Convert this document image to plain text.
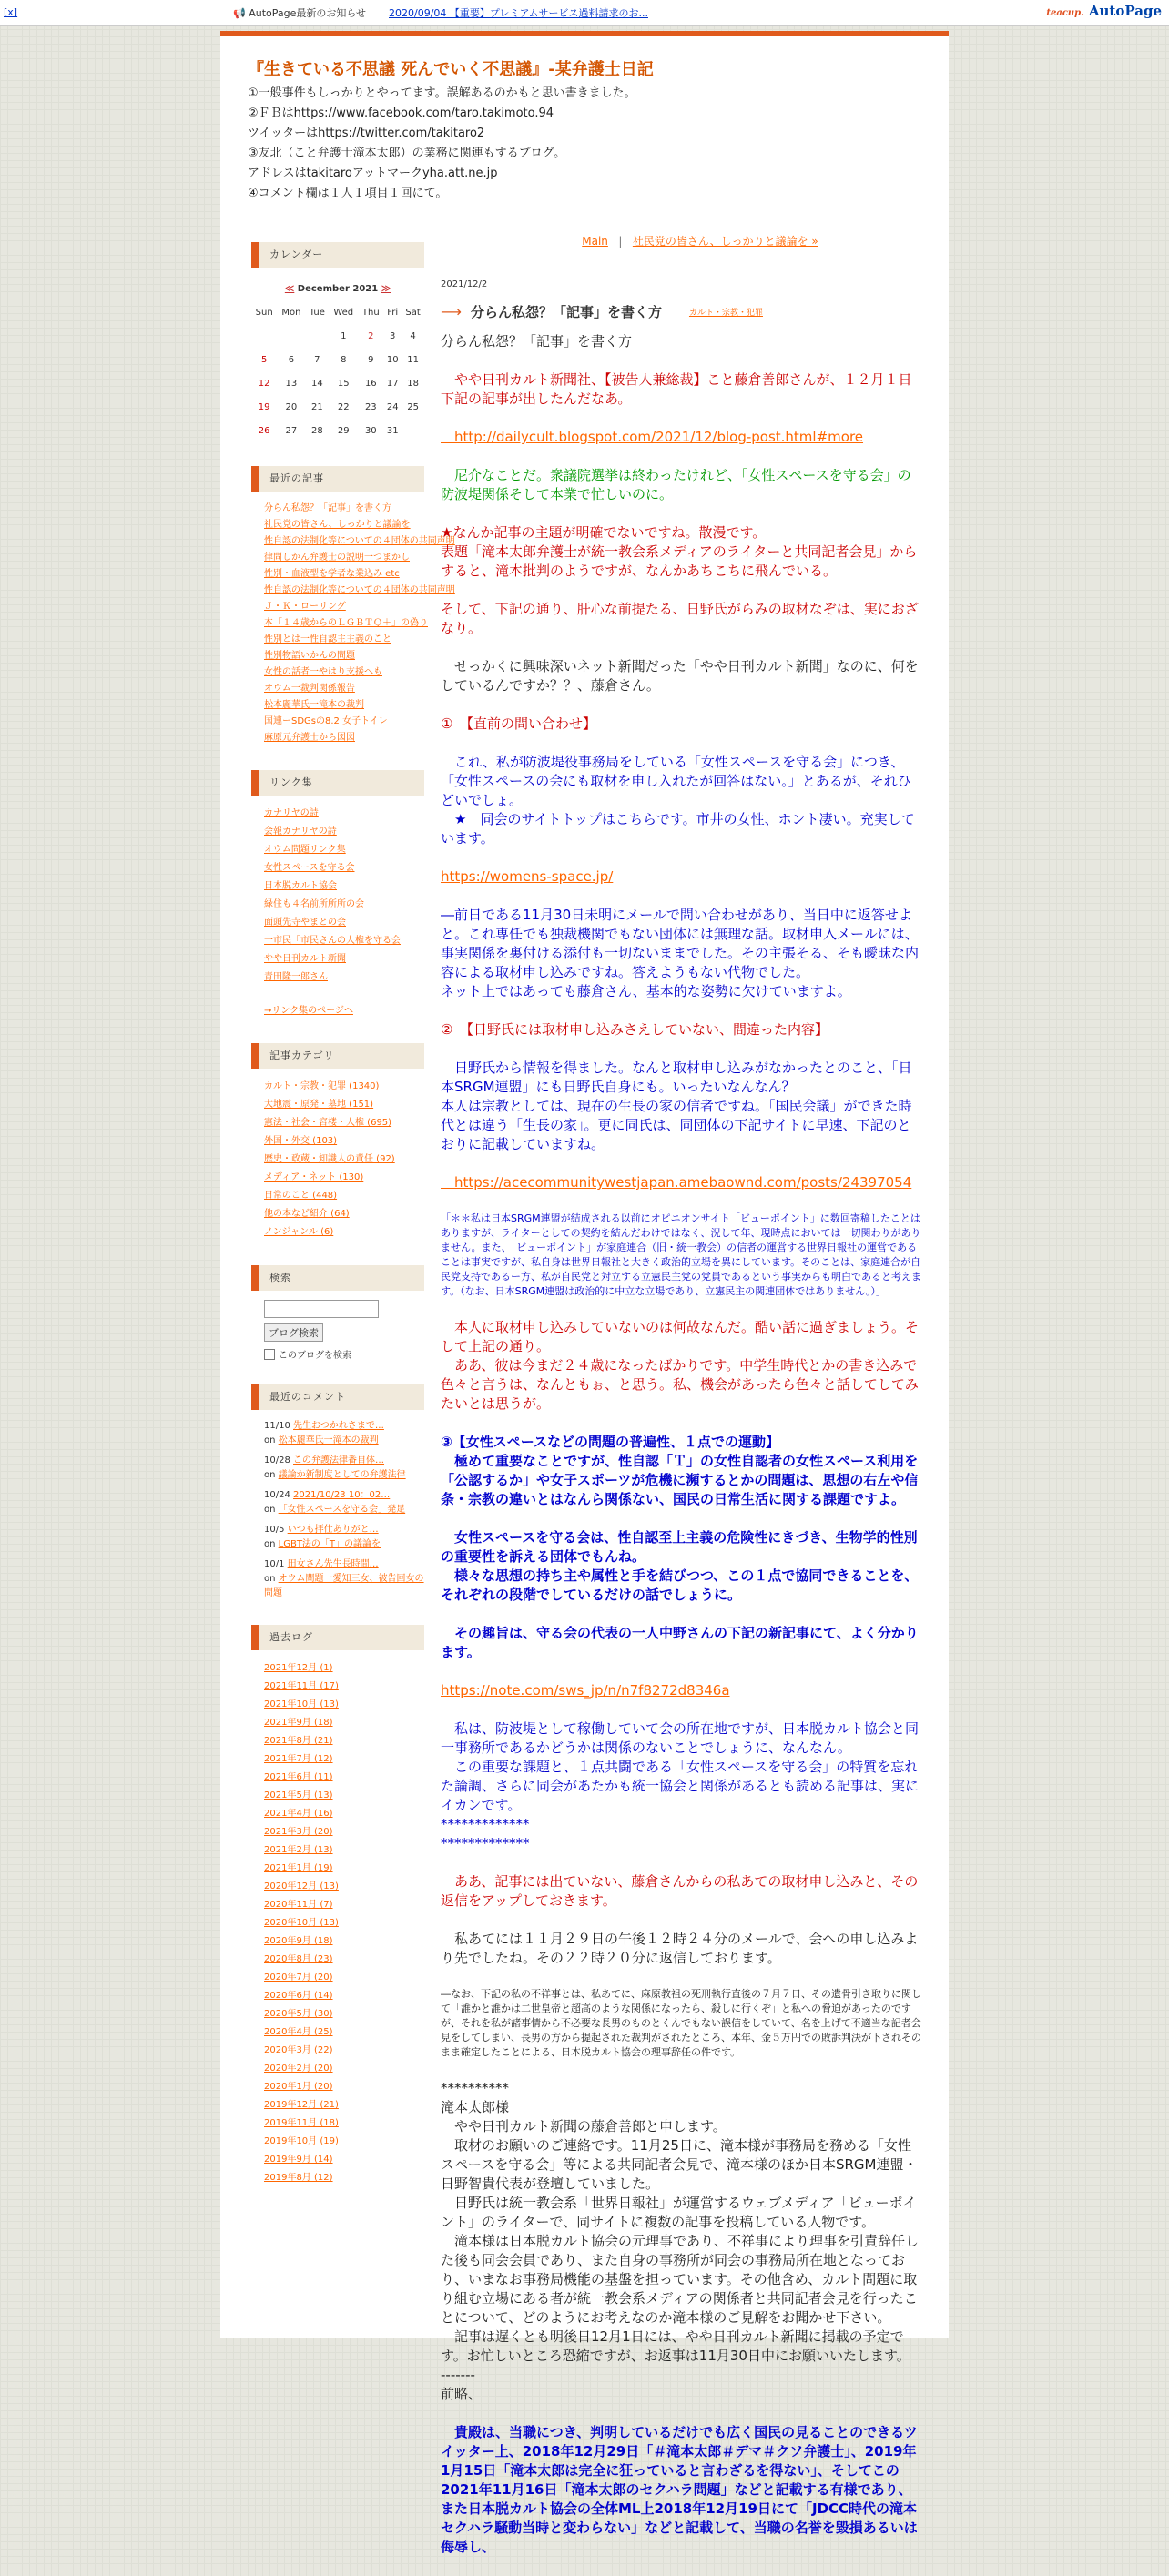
[x]	📢 AutoPage最新のお知らせ 2020/09/04 【重要】プレミアムサービス過料請求のお...	teacup. AutoPage
『生きている不思議 死んでいく不思議』-某弁護士日記
①一般事件もしっかりとやってます。誤解あるのかもと思い書きました。
②ＦＢはhttps://www.facebook.com/taro.takimoto.94
ツイッターはhttps://twitter.com/takitaro2
③友北（こと弁護士滝本太郎）の業務に関連もするブログ。
アドレスはtakitaroアットマークyha.att.ne.jp
④コメント欄は１人１項目１回にて。
カレンダー
≪ December 2021 ≫						
Sun	Mon	Tue	Wed	Thu	Fri	Sat
			1	2	3	4
5	6	7	8	9	10	11
12	13	14	15	16	17	18
19	20	21	22	23	24	25
26	27	28	29	30	31	
最近の記事
分らん私怨？「記事」を書く方
社民党の皆さん、しっかりと議論を
性自認の法制化等についての４団体の共同声明
律問しかん弁護士の説明一つまかし
性別・血液型を学者な業込み etc
性自認の法制化等についての４団体の共同声明
Ｊ・Ｋ・ローリング
本「１４歳からのＬＧＢＴＱ＋」の偽り
性別とは一性自認主主義のこと
性別物語いかんの問題
女性の話者一やはり支援へも
オウム一裁判関係報告
松本麗華氏一滝本の裁判
国連ーSDGsの8.2 女子トイレ
麻原元弁護士から図図
リンク集
カナリヤの詩
会報カナリヤの詩
オウム問題リンク集
女性スペースを守る会
日本脱カルト協会
緑住も４名前所所所の会
面頭先寺やまとの会
一市民「市民さんの人権を守る会
やや日刊カルト新聞
青田隆一郎さん
→リンク集のページへ
記事カテゴリ
カルト・宗教・犯罪 (1340)
大地震・原発・墓地 (151)
憲法・社会・宮楼・人権 (695)
外国・外交 (103)
歴史・政蔵・知識人の責任 (92)
メディア・ネット (130)
日常のこと (448)
他の本など紹介 (64)
ノンジャンル (6)
検索
ブログ検索
このブログを検索
最近のコメント
11/10 先生おつかれさまで…
on 松本麗華氏一滝本の裁判
10/28 この弁護法律番自体…
on 議論か新制度としての弁護法律
10/24 2021/10/23 10：02…
on 「女性スペースを守る会」発足
10/5 いつも拝仕ありがと…
on LGBT法の「T」の議論を
10/1 田女さん先生長時間…
on オウム問題一愛知三女、被告回女の問題
過去ログ
2021年12月 (1)
2021年11月 (17)
2021年10月 (13)
2021年9月 (18)
2021年8月 (21)
2021年7月 (12)
2021年6月 (11)
2021年5月 (13)
2021年4月 (16)
2021年3月 (20)
2021年2月 (13)
2021年1月 (19)
2020年12月 (13)
2020年11月 (7)
2020年10月 (13)
2020年9月 (18)
2020年8月 (23)
2020年7月 (20)
2020年6月 (14)
2020年5月 (30)
2020年4月 (25)
2020年3月 (22)
2020年2月 (20)
2020年1月 (20)
2019年12月 (21)
2019年11月 (18)
2019年10月 (19)
2019年9月 (14)
2019年8月 (12)
Main | 社民党の皆さん、しっかりと議論を »
2021/12/2
⟶ 分らん私怨？「記事」を書く方	カルト・宗教・犯罪

分らん私怨？「記事」を書く方

　やや日刊カルト新聞社、【被告人兼総裁】こと藤倉善郎さんが、１２月１日下記の記事が出したんだなあ。

　http://dailycult.blogspot.com/2021/12/blog-post.html#more

　尼介なことだ。衆議院選挙は終わったけれど、「女性スペースを守る会」の防波堤関係そして本業で忙しいのに。

★なんか記事の主題が明確でないですね。散漫です。
表題「滝本太郎弁護士が統一教会系メディアのライターと共同記者会見」からすると、滝本批判のようですが、なんかあちこちに飛んでいる。

そして、下記の通り、肝心な前提たる、日野氏がらみの取材なぞは、実におざなり。

　せっかくに興味深いネット新聞だった「やや日刊カルト新聞」なのに、何をしているんですか？？、藤倉さん。

①　【直前の問い合わせ】

　これ、私が防波堤役事務局をしている「女性スペースを守る会」につき、「女性スペースの会にも取材を申し入れたが回答はない。」とあるが、それひどいでしょ。
　★　同会のサイトトップはこちらです。市井の女性、ホント凄い。充実しています。

https://womens-space.jp/

―前日である11月30日未明にメールで問い合わせがあり、当日中に返答せよと。これ専任でも独裁機関でもない団体には無理な話。取材申入メールには、事実関係を裏付ける添付も一切ないままでした。その主張そる、そも曖昧な内容による取材申し込みですね。答えようもない代物でした。
ネット上ではあっても藤倉さん、基本的な姿勢に欠けていますよ。

②　【日野氏には取材申し込みさえしていない、間違った内容】

　日野氏から情報を得ました。なんと取材申し込みがなかったとのこと、「日本SRGM連盟」にも日野氏自身にも。いったいなんなん？
本人は宗教としては、現在の生長の家の信者ですね。「国民会議」ができた時代とは違う「生長の家」。更に同氏は、同団体の下記サイトに早速、下記のとおりに記載していますね。

　https://acecommunitywestjapan.amebaownd.com/posts/24397054

「＊＊私は日本SRGM連盟が結成される以前にオピニオンサイト「ビューポイント」に数回寄稿したことはありますが、ライターとしての契約を結んだわけではなく、況して年、現時点においては一切関わりがありません。また、「ビューポイント」が家庭連合（旧・統一教会）の信者の運営する世界日報社の運営であることは事実ですが、私自身は世界日報社と大きく政治的立場を異にしています。そのことは、家庭連合が自民党支持であるー方、私が自民党と対立する立憲民主党の党員であるという事実からも明白であると考えます。（なお、日本SRGM連盟は政治的に中立な立場であり、立憲民主の関連団体ではありません。）」

　本人に取材申し込みしていないのは何故なんだ。酷い話に過ぎましょう。そして上記の通り。
　ああ、彼は今まだ２４歳になったばかりです。中学生時代とかの書き込みで色々と言うは、なんともぉ、と思う。私、機会があったら色々と話してしてみたいとは思うが。

③【女性スペースなどの問題の普遍性、１点での運動】
　極めて重要なことですが、性自認「Ｔ」の女性自認者の女性スペース利用を「公認するか」や女子スポーツが危機に瀕するとかの問題は、思想の右左や信条・宗教の違いとはなんら関係ない、国民の日常生活に関する課題ですよ。

　女性スペースを守る会は、性自認至上主義の危険性にきづき、生物学的性別の重要性を訴える団体でもんね。
　様々な思想の持ち主や属性と手を結びつつ、この１点で協同できることを、それぞれの段階でしているだけの話でしょうに。

　その趣旨は、守る会の代表の一人中野さんの下記の新記事にて、よく分かります。

https://note.com/sws_jp/n/n7f8272d8346a

　私は、防波堤として稼働していて会の所在地ですが、日本脱カルト協会と同一事務所であるかどうかは関係のないことでしょうに、なんなん。
　この重要な課題と、１点共闘である「女性スペースを守る会」の特質を忘れた論調、さらに同会があたかも統一協会と関係があるとも読める記事は、実にイカンです。
*************
*************

　ああ、記事には出ていない、藤倉さんからの私あての取材申し込みと、その返信をアップしておきます。

　私あてには１１月２９日の午後１２時２４分のメールで、会への申し込みより先でしたね。その２２時２０分に返信しております。

―なお、下記の私の不祥事とは、私あてに、麻原教祖の死刑執行直後の７月７日、その遺骨引き取りに関して「誰かと誰かは二世皇帝と超高のような関係になったら、殺しに行くぞ」と私への脅迫があったのですが、それを私が諸事情から不必要な長男のものとくんでもない誤信をしていて、名を上げて不適当な記者会見をしてしまい、長男の方から提起された裁判がされたところ、本年、金５万円での敗訴判決が下されそのまま確定したことによる、日本脱カルト協会の理事辞任の件です。

**********
滝本太郎様
　やや日刊カルト新聞の藤倉善郎と申します。
　取材のお願いのご連絡です。11月25日に、滝本様が事務局を務める「女性スペースを守る会」等による共同記者会見で、滝本様のほか日本SRGM連盟・日野智貴代表が登壇していました。
　日野氏は統一教会系「世界日報社」が運営するウェブメディア「ビューポイント」のライターで、同サイトに複数の記事を投稿している人物です。
　滝本様は日本脱カルト協会の元理事であり、不祥事により理事を引責辞任した後も同会会員であり、また自身の事務所が同会の事務局所在地となっており、いまなお事務局機能の基盤を担っています。その他含め、カルト問題に取り組む立場にある者が統一教会系メディアの関係者と共同記者会見を行ったことについて、どのようにお考えなのか滝本様のご見解をお聞かせ下さい。
　記事は遅くとも明後日12月1日には、やや日刊カルト新聞に掲載の予定です。お忙しいところ恐縮ですが、お返事は11月30日中にお願いいたします。
-------
前略、

　貴殿は、当職につき、判明しているだけでも広く国民の見ることのできるツイッター上、2018年12月29日「＃滝本太郎＃デマ＃クソ弁護士」、2019年1月15日「滝本太郎は完全に狂っていると言わざるを得ない」、そしてこの2021年11月16日「滝本太郎のセクハラ問題」などと記載する有様であり、また日本脱カルト協会の全体ML上2018年12月19日にて「JDCC時代の滝本セクハラ騒動当時と変わらない」などと記載して、当職の名誉を毀損あるいは侮辱し、
